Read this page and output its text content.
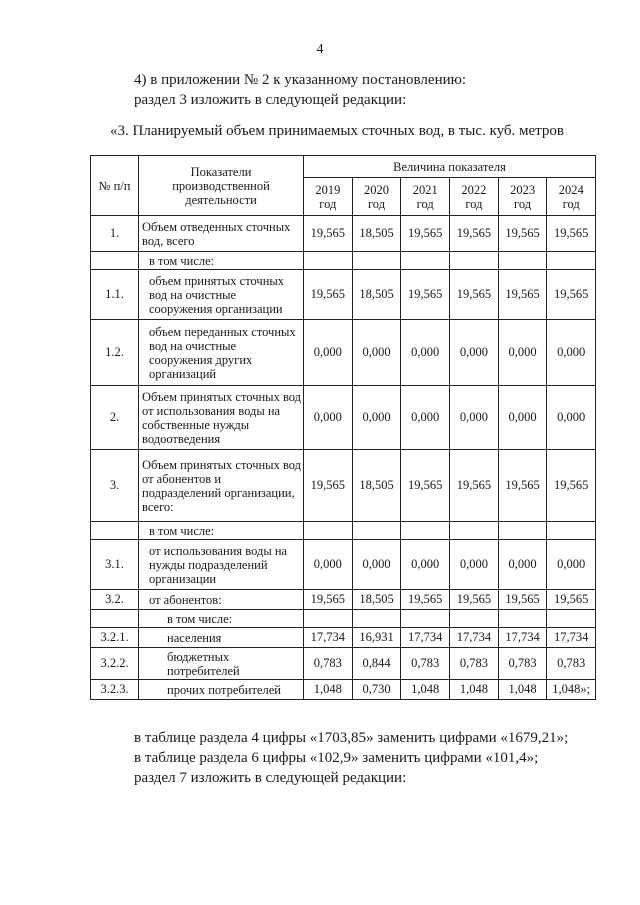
4
4) в приложении № 2 к указанному постановлению:
раздел 3 изложить в следующей редакции:
«3. Планируемый объем принимаемых сточных вод, в тыс. куб. метров
№ п/п	Показатели производственной деятельности	Величина показателя					
		2019 год	2020 год	2021 год	2022 год	2023 год	2024 год
1.	Объем отведенных сточных вод, всего	19,565	18,505	19,565	19,565	19,565	19,565
	в том числе:						
1.1.	объем принятых сточных вод на очистные сооружения организации	19,565	18,505	19,565	19,565	19,565	19,565
1.2.	объем переданных сточных вод на очистные сооружения других организаций	0,000	0,000	0,000	0,000	0,000	0,000
2.	Объем принятых сточных вод от использования воды на собственные нужды водоотведения	0,000	0,000	0,000	0,000	0,000	0,000
3.	Объем принятых сточных вод от абонентов и подразделений организации, всего:	19,565	18,505	19,565	19,565	19,565	19,565
	в том числе:						
3.1.	от использования воды на нужды подразделений организации	0,000	0,000	0,000	0,000	0,000	0,000
3.2.	от абонентов:	19,565	18,505	19,565	19,565	19,565	19,565
	в том числе:						
3.2.1.	населения	17,734	16,931	17,734	17,734	17,734	17,734
3.2.2.	бюджетных потребителей	0,783	0,844	0,783	0,783	0,783	0,783
3.2.3.	прочих потребителей	1,048	0,730	1,048	1,048	1,048	1,048»;
в таблице раздела 4 цифры «1703,85» заменить цифрами «1679,21»;
в таблице раздела 6 цифры «102,9» заменить цифрами «101,4»;
раздел 7 изложить в следующей редакции:
